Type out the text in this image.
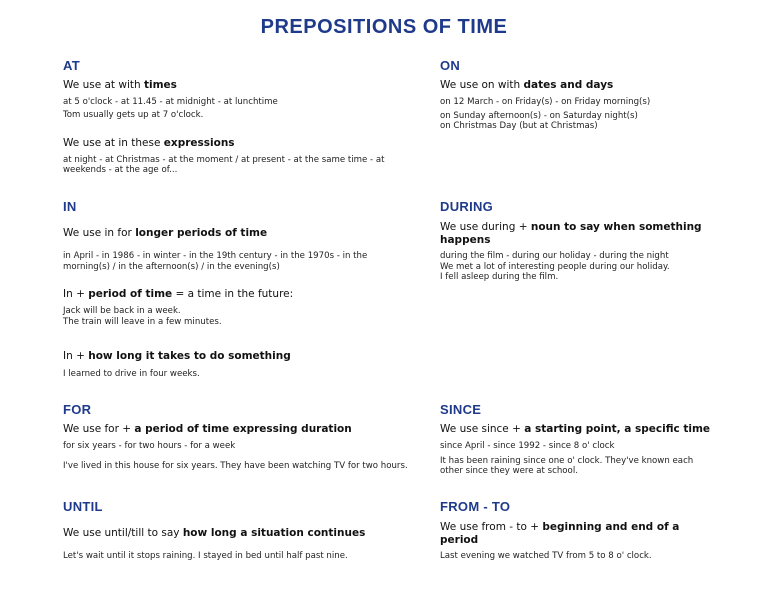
PREPOSITIONS OF TIME
AT
We use at with times
at 5 o'clock - at 11.45 - at midnight - at lunchtime
Tom usually gets up at 7 o'clock.
We use at in these expressions
at night - at Christmas - at the moment / at present - at the same time - at
weekends - at the age of...
ON
We use on with dates and days
on 12 March - on Friday(s) - on Friday morning(s)
on Sunday afternoon(s) - on Saturday night(s)
on Christmas Day (but at Christmas)
IN
We use in for longer periods of time
in April - in 1986 - in winter - in the 19th century - in the 1970s - in the
morning(s) / in the afternoon(s) / in the evening(s)
In + period of time = a time in the future:
Jack will be back in a week.
The train will leave in a few minutes.
In + how long it takes to do something
I learned to drive in four weeks.
DURING
We use during + noun to say when something
happens
during the film - during our holiday - during the night
We met a lot of interesting people during our holiday.
I fell asleep during the film.
FOR
We use for + a period of time expressing duration
for six years - for two hours - for a week
I've lived in this house for six years. They have been watching TV for two hours.
SINCE
We use since + a starting point, a specific time
since April - since 1992 - since 8 o' clock
It has been raining since one o' clock. They've known each
other since they were at school.
UNTIL
We use until/till to say how long a situation continues
Let's wait until it stops raining. I stayed in bed until half past nine.
FROM - TO
We use from - to + beginning and end of a
period
Last evening we watched TV from 5 to 8 o' clock.
